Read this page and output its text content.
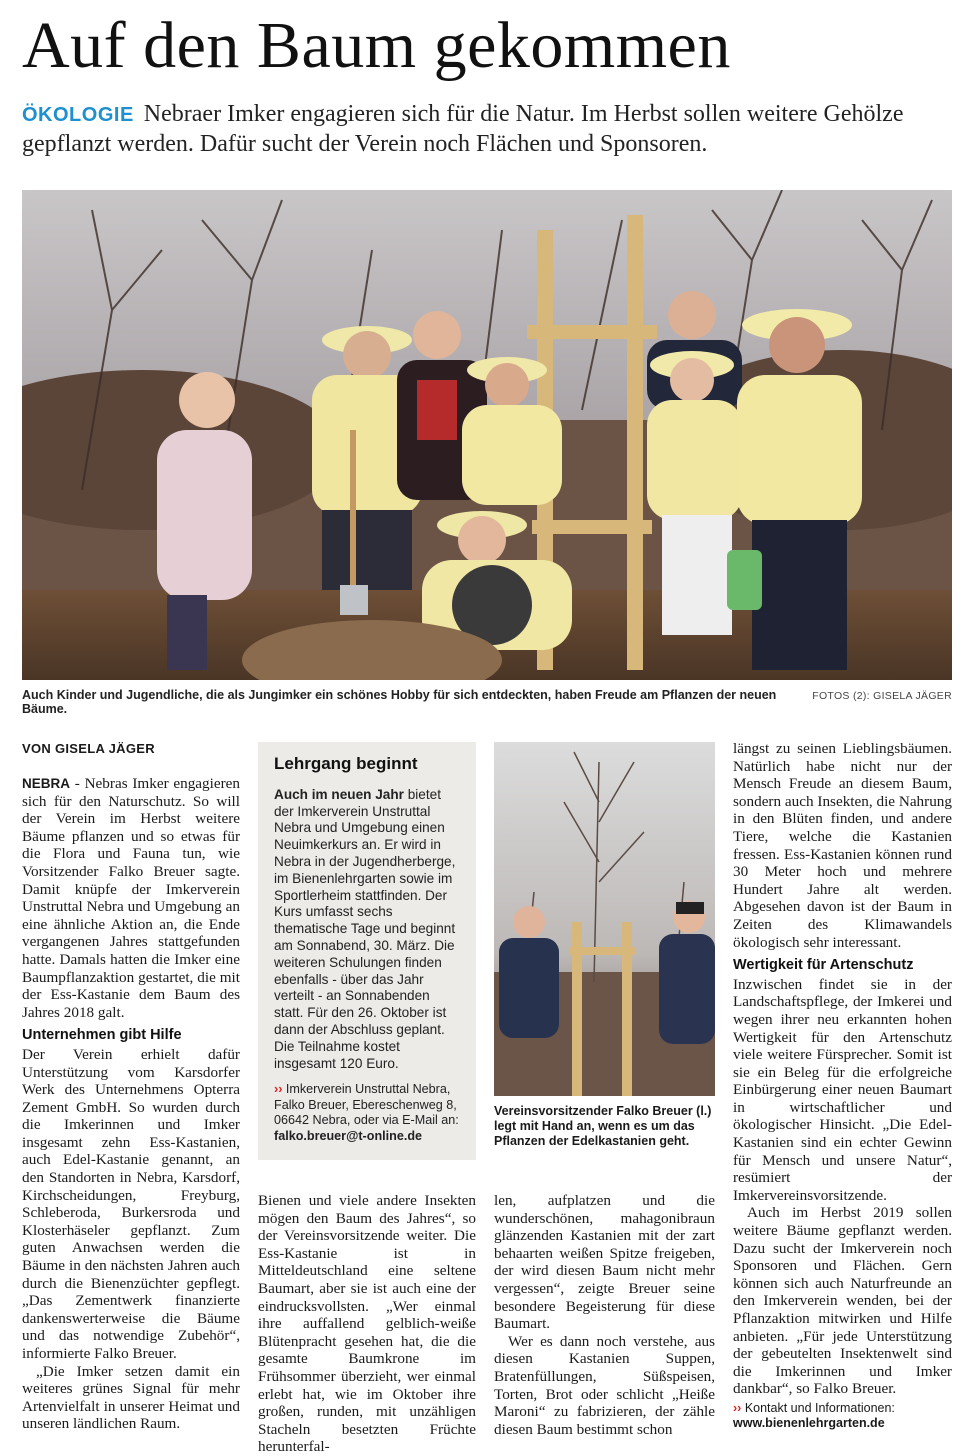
Auf den Baum gekommen
ÖKOLOGIE Nebraer Imker engagieren sich für die Natur. Im Herbst sollen weitere Gehölze gepflanzt werden. Dafür sucht der Verein noch Flächen und Sponsoren.
Auch Kinder und Jugendliche, die als Jungimker ein schönes Hobby für sich entdeckten, haben Freude am Pflanzen der neuen Bäume.
FOTOS (2): GISELA JÄGER
VON GISELA JÄGER

NEBRA - Nebras Imker engagieren sich für den Naturschutz. So will der Verein im Herbst weitere Bäume pflanzen und so etwas für die Flora und Fauna tun, wie Vorsitzender Falko Breuer sagte. Damit knüpfe der Imkerverein Unstruttal Nebra und Umgebung an eine ähnliche Aktion an, die Ende vergangenen Jahres stattgefunden hatte. Damals hatten die Imker eine Baumpflanzaktion gestartet, die mit der Ess-Kastanie dem Baum des Jahres 2018 galt.

Unternehmen gibt Hilfe

Der Verein erhielt dafür Unterstützung vom Karsdorfer Werk des Unternehmens Opterra Zement GmbH. So wurden durch die Imkerinnen und Imker insgesamt zehn Ess-Kastanien, auch Edel-Kastanie genannt, an den Standorten in Nebra, Karsdorf, Kirchscheidungen, Freyburg, Schleberoda, Burkersroda und Klosterhäseler gepflanzt. Zum guten Anwachsen werden die Bäume in den nächsten Jahren auch durch die Bienenzüchter gepflegt. „Das Zementwerk finanzierte dankenswerterweise die Bäume und das notwendige Zubehör“, informierte Falko Breuer.

„Die Imker setzen damit ein weiteres grünes Signal für mehr Artenvielfalt in unserer Heimat und unseren ländlichen Raum.

Lehrgang beginnt
Auch im neuen Jahr bietet der Imkerverein Unstruttal Nebra und Umgebung einen Neuimkerkurs an. Er wird in Nebra in der Jugendherberge, im Bienenlehrgarten sowie im Sportlerheim stattfinden. Der Kurs umfasst sechs thematische Tage und beginnt am Sonnabend, 30. März. Die weiteren Schulungen finden ebenfalls - über das Jahr verteilt - an Sonnabenden statt. Für den 26. Oktober ist dann der Abschluss geplant. Die Teilnahme kostet insgesamt 120 Euro.
›› Imkerverein Unstruttal Nebra, Falko Breuer, Ebereschenweg 8, 06642 Nebra, oder via E-Mail an:
falko.breuer@t-online.de

Bienen und viele andere Insekten mögen den Baum des Jahres“, so der Vereinsvorsitzende weiter. Die Ess-Kastanie ist in Mitteldeutschland eine seltene Baumart, aber sie ist auch eine der eindrucksvollsten. „Wer einmal ihre auffallend gelblich-weiße Blütenpracht gesehen hat, die die gesamte Baumkrone im Frühsommer überzieht, wer einmal erlebt hat, wie im Oktober ihre großen, runden, mit unzähligen Stacheln besetzten Früchte herunterfal-

Vereinsvorsitzender Falko Breuer (l.) legt mit Hand an, wenn es um das Pflanzen der Edelkastanien geht.

len, aufplatzen und die wunderschönen, mahagonibraun glänzenden Kastanien mit der zart behaarten weißen Spitze freigeben, der wird diesen Baum nicht mehr vergessen“, zeigte Breuer seine besondere Begeisterung für diese Baumart.

Wer es dann noch verstehe, aus diesen Kastanien Suppen, Bratenfüllungen, Süßspeisen, Torten, Brot oder schlicht „Heiße Maroni“ zu fabrizieren, der zähle diesen Baum bestimmt schon

längst zu seinen Lieblingsbäumen. Natürlich habe nicht nur der Mensch Freude an diesem Baum, sondern auch Insekten, die Nahrung in den Blüten finden, und andere Tiere, welche die Kastanien fressen. Ess-Kastanien können rund 30 Meter hoch und mehrere Hundert Jahre alt werden. Abgesehen davon ist der Baum in Zeiten des Klimawandels ökologisch sehr interessant.

Wertigkeit für Artenschutz

Inzwischen findet sie in der Landschaftspflege, der Imkerei und wegen ihrer neu erkannten hohen Wertigkeit für den Artenschutz viele weitere Fürsprecher. Somit ist sie ein Beleg für die erfolgreiche Einbürgerung einer neuen Baumart in wirtschaftlicher und ökologischer Hinsicht. „Die Edel-Kastanien sind ein echter Gewinn für Mensch und unsere Natur“, resümiert der Imkervereinsvorsitzende.

Auch im Herbst 2019 sollen weitere Bäume gepflanzt werden. Dazu sucht der Imkerverein noch Sponsoren und Flächen. Gern können sich auch Naturfreunde an den Imkerverein wenden, bei der Pflanzaktion mitwirken und Hilfe anbieten. „Für jede Unterstützung der gebeutelten Insektenwelt sind die Imkerinnen und Imker dankbar“, so Falko Breuer.

›› Kontakt und Informationen:
www.bienenlehrgarten.de
